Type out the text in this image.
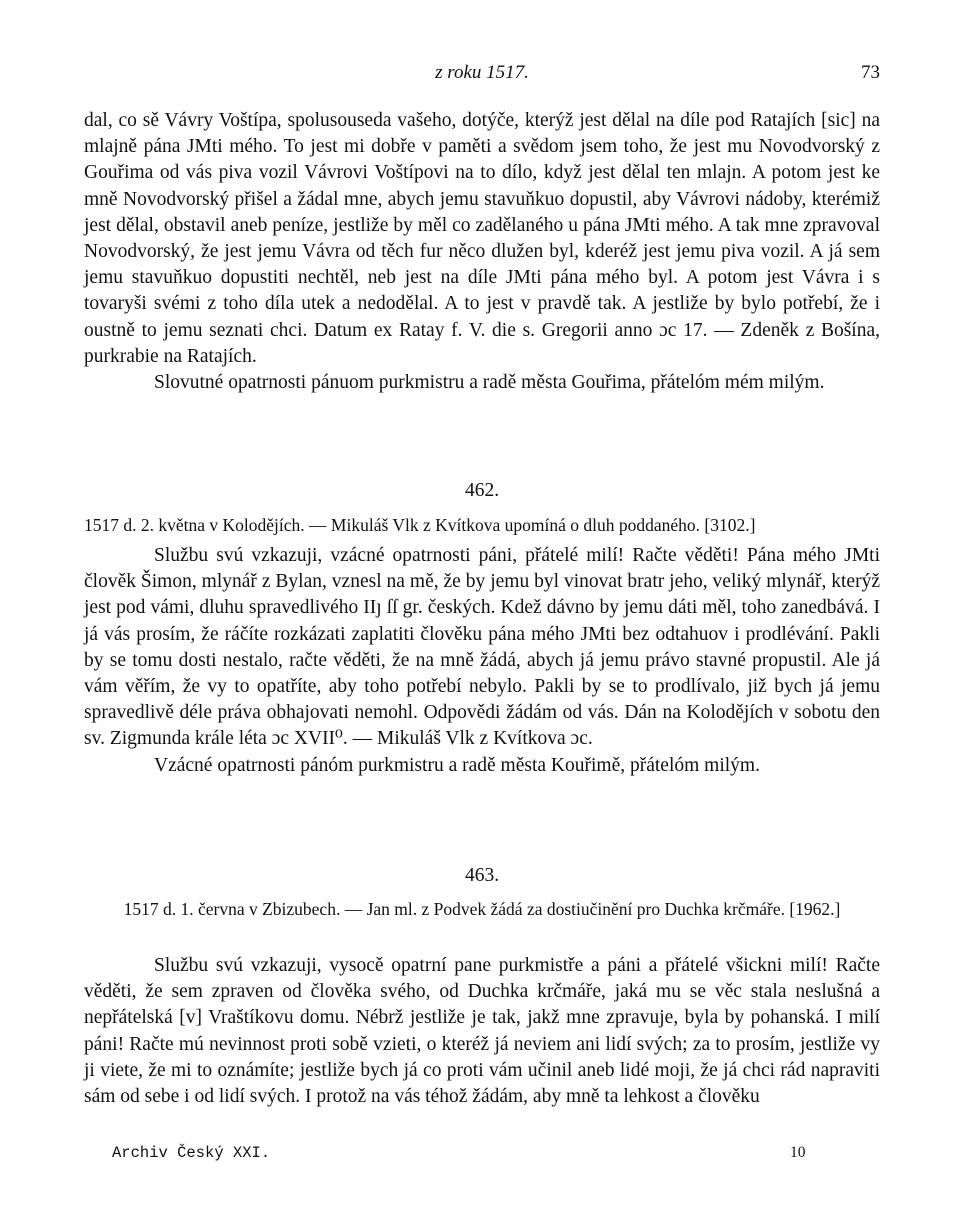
z roku 1517.	73

dal, co sě Vávry Voštípa, spolusouseda vašeho, dotýče, kterýž jest dělal na díle pod Ratajích [sic] na mlajně pána JMti mého. To jest mi dobře v paměti a svědom jsem toho, že jest mu Novodvorský z Gouřima od vás piva vozil Vávrovi Voštípovi na to dílo, když jest dělal ten mlajn. A potom jest ke mně Novodvorský přišel a žádal mne, abych jemu stavuňkuo dopustil, aby Vávrovi nádoby, kterémiž jest dělal, obstavil aneb peníze, jestliže by měl co zadělaného u pána JMti mého. A tak mne zpravoval Novodvorský, že jest jemu Vávra od těch fur něco dlužen byl, kderéž jest jemu piva vozil. A já sem jemu stavuňkuo dopustiti nechtěl, neb jest na díle JMti pána mého byl. A potom jest Vávra i s tovaryši svémi z toho díla utek a nedodělal. A to jest v pravdě tak. A jestliže by bylo potřebí, že i oustně to jemu seznati chci. Datum ex Ratay f. V. die s. Gregorii anno ɔc 17. — Zdeněk z Bošína, purkrabie na Ratajích.

Slovutné opatrnosti pánuom purkmistru a radě města Gouřima, přátelóm mém milým.

462.
1517 d. 2. května v Kolodějích. — Mikuláš Vlk z Kvítkova upomíná o dluh poddaného. [3102.]

Službu svú vzkazuji, vzácné opatrnosti páni, přátelé milí! Račte věděti! Pána mého JMti člověk Šimon, mlynář z Bylan, vznesl na mě, že by jemu byl vinovat bratr jeho, veliký mlynář, kterýž jest pod vámi, dluhu spravedlivého IIȷ ſſ gr. českých. Kdež dávno by jemu dáti měl, toho zanedbává. I já vás prosím, že ráčíte rozkázati zaplatiti člověku pána mého JMti bez odtahuov i prodlévání. Pakli by se tomu dosti nestalo, račte věděti, že na mně žádá, abych já jemu právo stavné propustil. Ale já vám věřím, že vy to opatříte, aby toho potřebí nebylo. Pakli by se to prodlívalo, již bych já jemu spravedlivě déle práva obhajovati nemohl. Odpovědi žádám od vás. Dán na Kolodějích v sobotu den sv. Zigmunda krále léta ɔc XVII⁰. — Mikuláš Vlk z Kvítkova ɔc.

Vzácné opatrnosti pánóm purkmistru a radě města Kouřimě, přátelóm milým.

463.
1517 d. 1. června v Zbizubech. — Jan ml. z Podvek žádá za dostiučinění pro Duchka krčmáře. [1962.]

Službu svú vzkazuji, vysocě opatrní pane purkmistře a páni a přátelé všickni milí! Račte věděti, že sem zpraven od člověka svého, od Duchka krčmáře, jaká mu se věc stala neslušná a nepřátelská [v] Vraštíkovu domu. Nébrž jestliže je tak, jakž mne zpravuje, byla by pohanská. I milí páni! Račte mú nevinnost proti sobě vzieti, o kteréž já neviem ani lidí svých; za to prosím, jestliže vy ji viete, že mi to oznámíte; jestliže bych já co proti vám učinil aneb lidé moji, že já chci rád napraviti sám od sebe i od lidí svých. I protož na vás téhož žádám, aby mně ta lehkost a člověku

Archiv Český XXI.	10
